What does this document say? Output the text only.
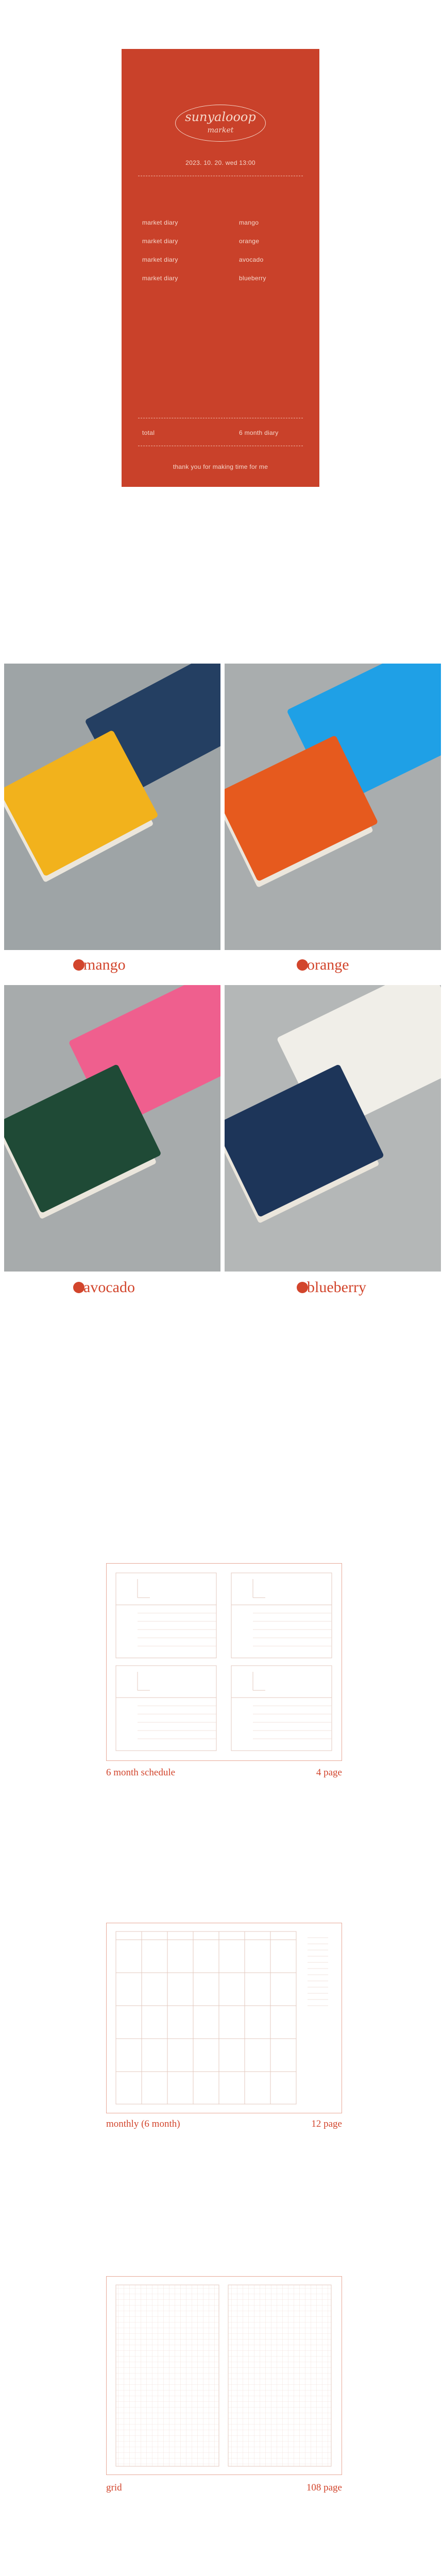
sunyalooop
market
2023. 10. 20. wed 13:00
market diary	mango
market diary	orange
market diary	avocado
market diary	blueberry
total	6 month diary
thank you for making time for me
mango	orange
avocado	blueberry
6 month schedule	4 page
monthly (6 month)	12 page
grid	108 page
